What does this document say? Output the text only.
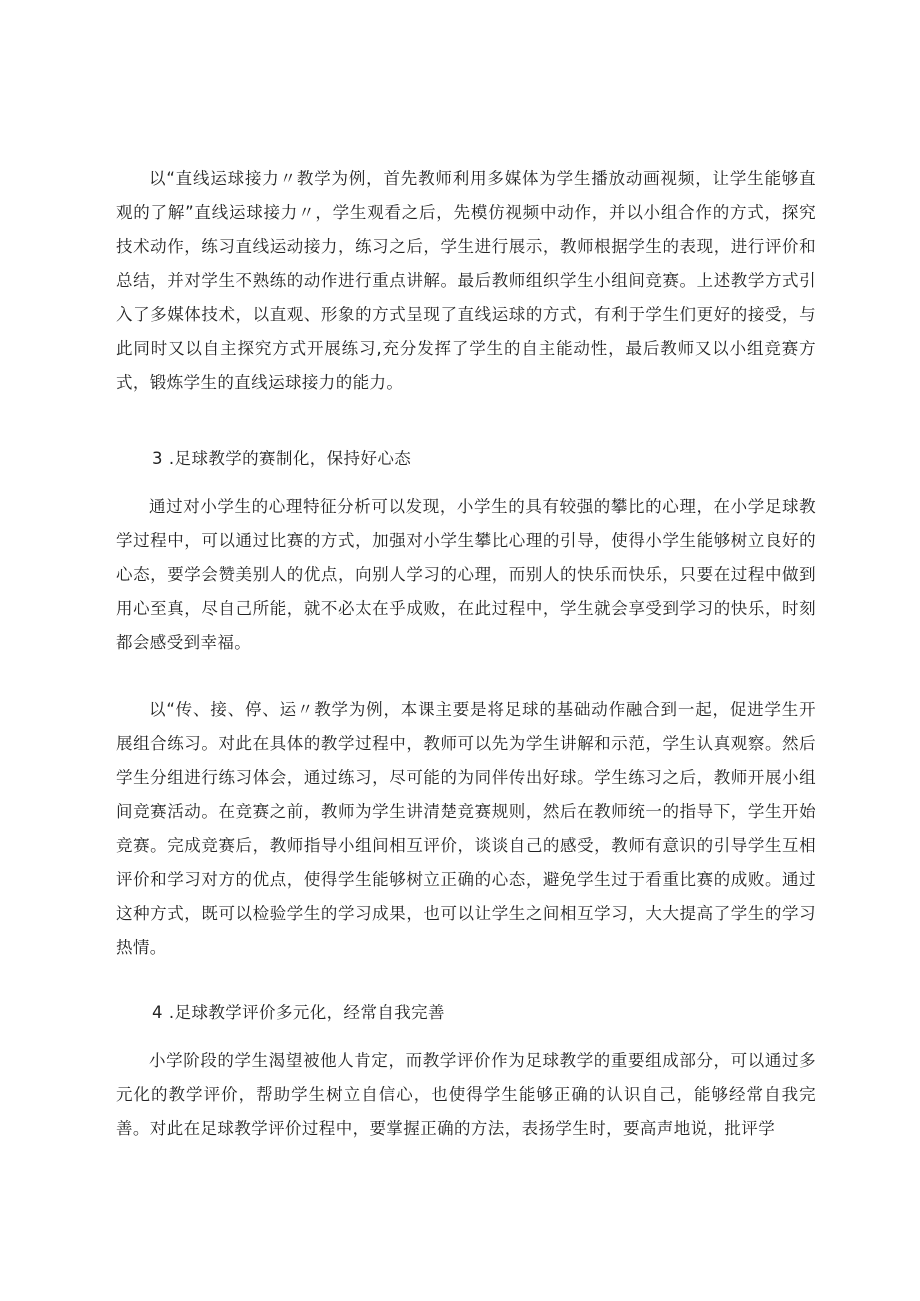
以“直线运球接力〃教学为例，首先教师利用多媒体为学生播放动画视频，让学生能够直观的了解”直线运球接力〃，学生观看之后，先模仿视频中动作，并以小组合作的方式，探究技术动作，练习直线运动接力，练习之后，学生进行展示，教师根据学生的表现，进行评价和总结，并对学生不熟练的动作进行重点讲解。最后教师组织学生小组间竞赛。上述教学方式引入了多媒体技术，以直观、形象的方式呈现了直线运球的方式，有利于学生们更好的接受，与此同时又以自主探究方式开展练习,充分发挥了学生的自主能动性，最后教师又以小组竞赛方式，锻炼学生的直线运球接力的能力。

3 .足球教学的赛制化，保持好心态

通过对小学生的心理特征分析可以发现，小学生的具有较强的攀比的心理，在小学足球教学过程中，可以通过比赛的方式，加强对小学生攀比心理的引导，使得小学生能够树立良好的心态，要学会赞美别人的优点，向别人学习的心理，而别人的快乐而快乐，只要在过程中做到用心至真，尽自己所能，就不必太在乎成败，在此过程中，学生就会享受到学习的快乐，时刻都会感受到幸福。

以“传、接、停、运〃教学为例，本课主要是将足球的基础动作融合到一起，促进学生开展组合练习。对此在具体的教学过程中，教师可以先为学生讲解和示范，学生认真观察。然后学生分组进行练习体会，通过练习，尽可能的为同伴传出好球。学生练习之后，教师开展小组间竞赛活动。在竞赛之前，教师为学生讲清楚竞赛规则，然后在教师统一的指导下，学生开始竞赛。完成竞赛后，教师指导小组间相互评价，谈谈自己的感受，教师有意识的引导学生互相评价和学习对方的优点，使得学生能够树立正确的心态，避免学生过于看重比赛的成败。通过这种方式，既可以检验学生的学习成果，也可以让学生之间相互学习，大大提高了学生的学习热情。

4 .足球教学评价多元化，经常自我完善

小学阶段的学生渴望被他人肯定，而教学评价作为足球教学的重要组成部分，可以通过多元化的教学评价，帮助学生树立自信心，也使得学生能够正确的认识自己，能够经常自我完善。对此在足球教学评价过程中，要掌握正确的方法，表扬学生时，要高声地说，批评学
